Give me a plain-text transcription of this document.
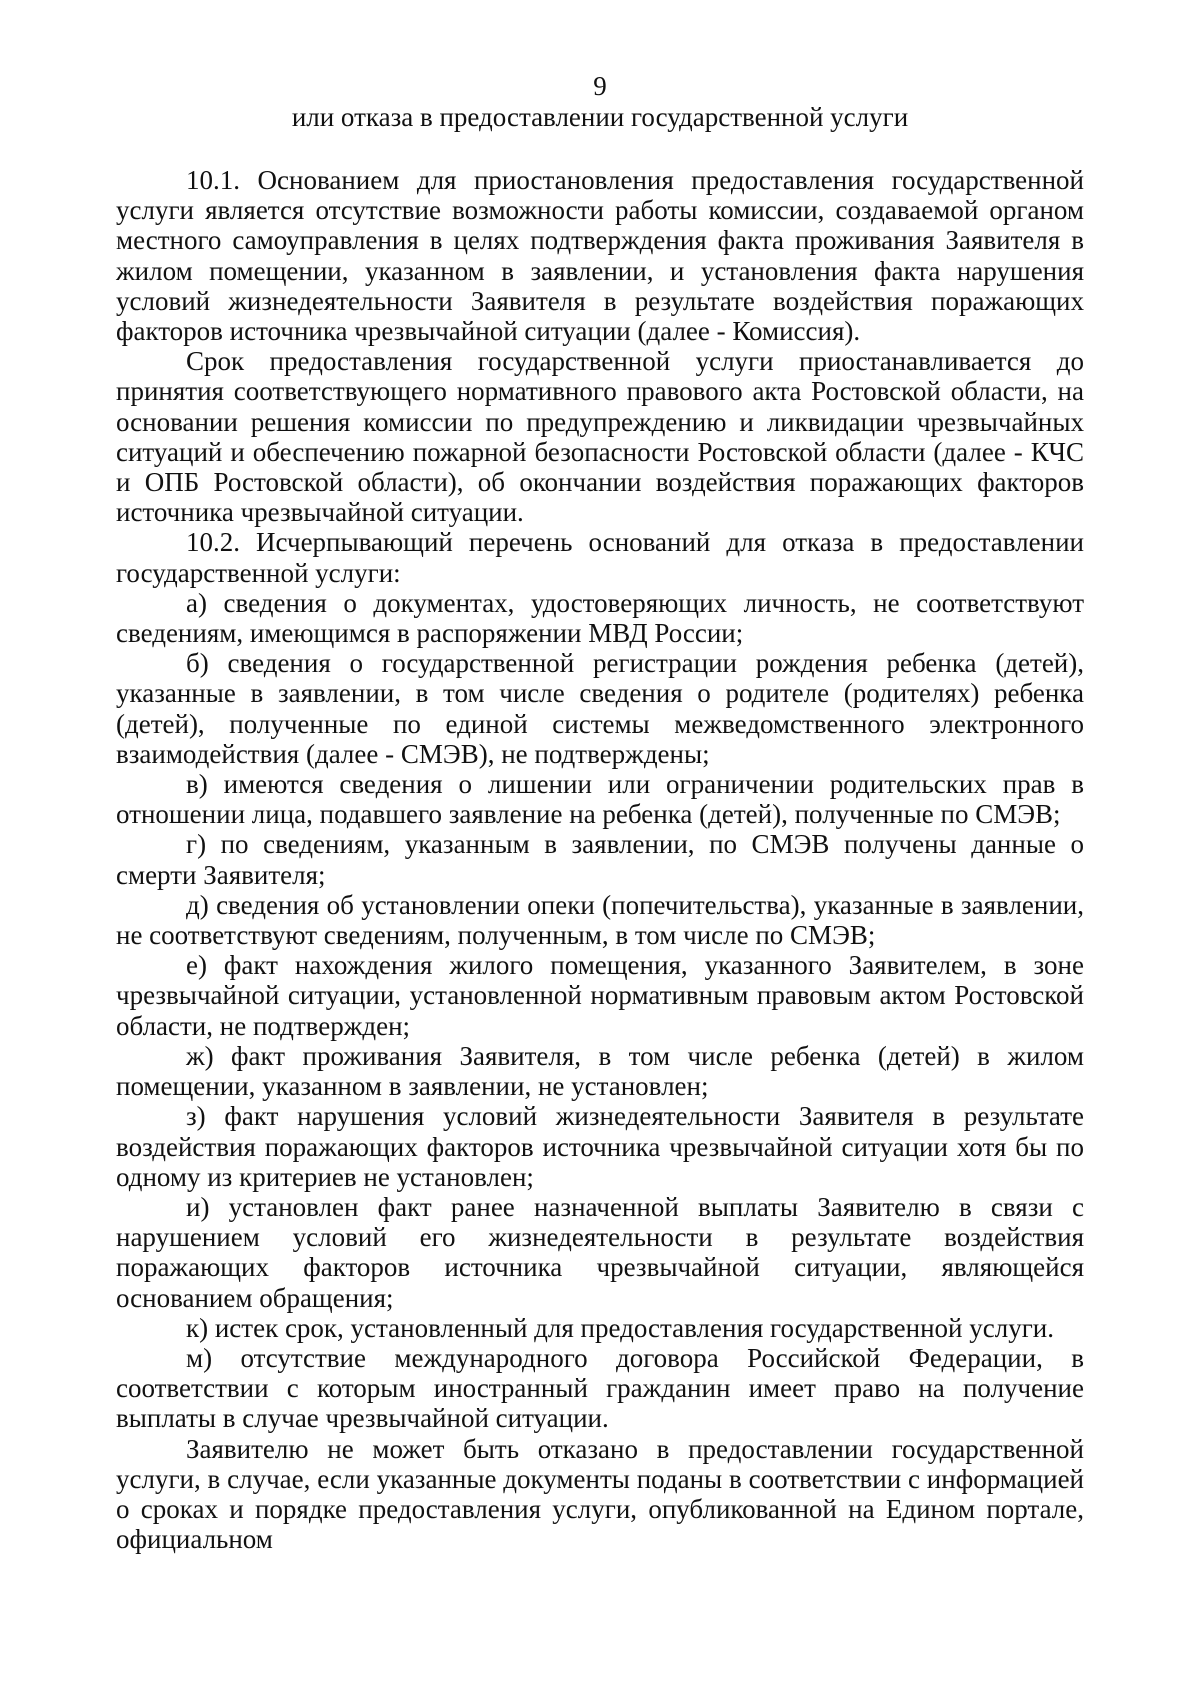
9
или отказа в предоставлении государственной услуги

10.1. Основанием для приостановления предоставления государственной услуги является отсутствие возможности работы комиссии, создаваемой органом местного самоуправления в целях подтверждения факта проживания Заявителя в жилом помещении, указанном в заявлении, и установления факта нарушения условий жизнедеятельности Заявителя в результате воздействия поражающих факторов источника чрезвычайной ситуации (далее - Комиссия).

Срок предоставления государственной услуги приостанавливается до принятия соответствующего нормативного правового акта Ростовской области, на основании решения комиссии по предупреждению и ликвидации чрезвычайных ситуаций и обеспечению пожарной безопасности Ростовской области (далее - КЧС и ОПБ Ростовской области), об окончании воздействия поражающих факторов источника чрезвычайной ситуации.

10.2. Исчерпывающий перечень оснований для отказа в предоставлении государственной услуги:

а) сведения о документах, удостоверяющих личность, не соответствуют сведениям, имеющимся в распоряжении МВД России;

б) сведения о государственной регистрации рождения ребенка (детей), указанные в заявлении, в том числе сведения о родителе (родителях) ребенка (детей), полученные по единой системы межведомственного электронного взаимодействия (далее - СМЭВ), не подтверждены;

в) имеются сведения о лишении или ограничении родительских прав в отношении лица, подавшего заявление на ребенка (детей), полученные по СМЭВ;

г) по сведениям, указанным в заявлении, по СМЭВ получены данные о смерти Заявителя;

д) сведения об установлении опеки (попечительства), указанные в заявлении, не соответствуют сведениям, полученным, в том числе по СМЭВ;

е) факт нахождения жилого помещения, указанного Заявителем, в зоне чрезвычайной ситуации, установленной нормативным правовым актом Ростовской области, не подтвержден;

ж) факт проживания Заявителя, в том числе ребенка (детей) в жилом помещении, указанном в заявлении, не установлен;

з) факт нарушения условий жизнедеятельности Заявителя в результате воздействия поражающих факторов источника чрезвычайной ситуации хотя бы по одному из критериев не установлен;

и) установлен факт ранее назначенной выплаты Заявителю в связи с нарушением условий его жизнедеятельности в результате воздействия поражающих факторов источника чрезвычайной ситуации, являющейся основанием обращения;

к) истек срок, установленный для предоставления государственной услуги.

м) отсутствие международного договора Российской Федерации, в соответствии с которым иностранный гражданин имеет право на получение выплаты в случае чрезвычайной ситуации.

Заявителю не может быть отказано в предоставлении государственной услуги, в случае, если указанные документы поданы в соответствии с информацией о сроках и порядке предоставления услуги, опубликованной на Едином портале, официальном
